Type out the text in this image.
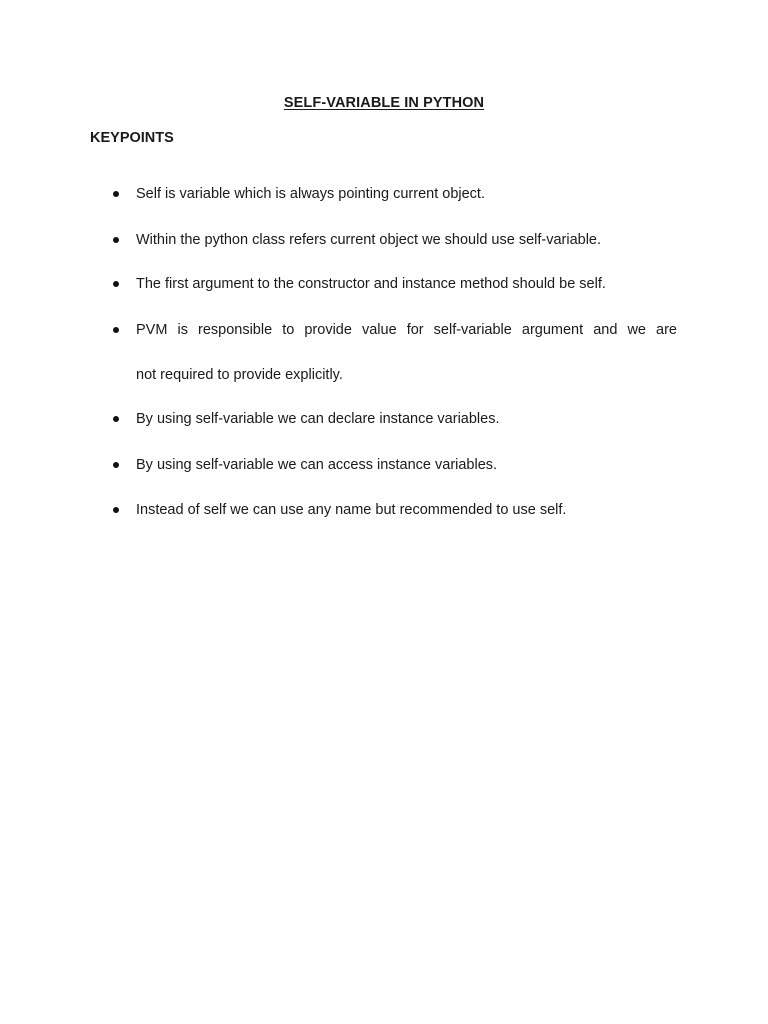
SELF-VARIABLE IN PYTHON
KEYPOINTS
Self is variable which is always pointing current object.
Within the python class refers current object we should use self-variable.
The first argument to the constructor and instance method should be self.
PVM is responsible to provide value for self-variable argument and we are
not required to provide explicitly.
By using self-variable we can declare instance variables.
By using self-variable we can access instance variables.
Instead of self we can use any name but recommended to use self.
